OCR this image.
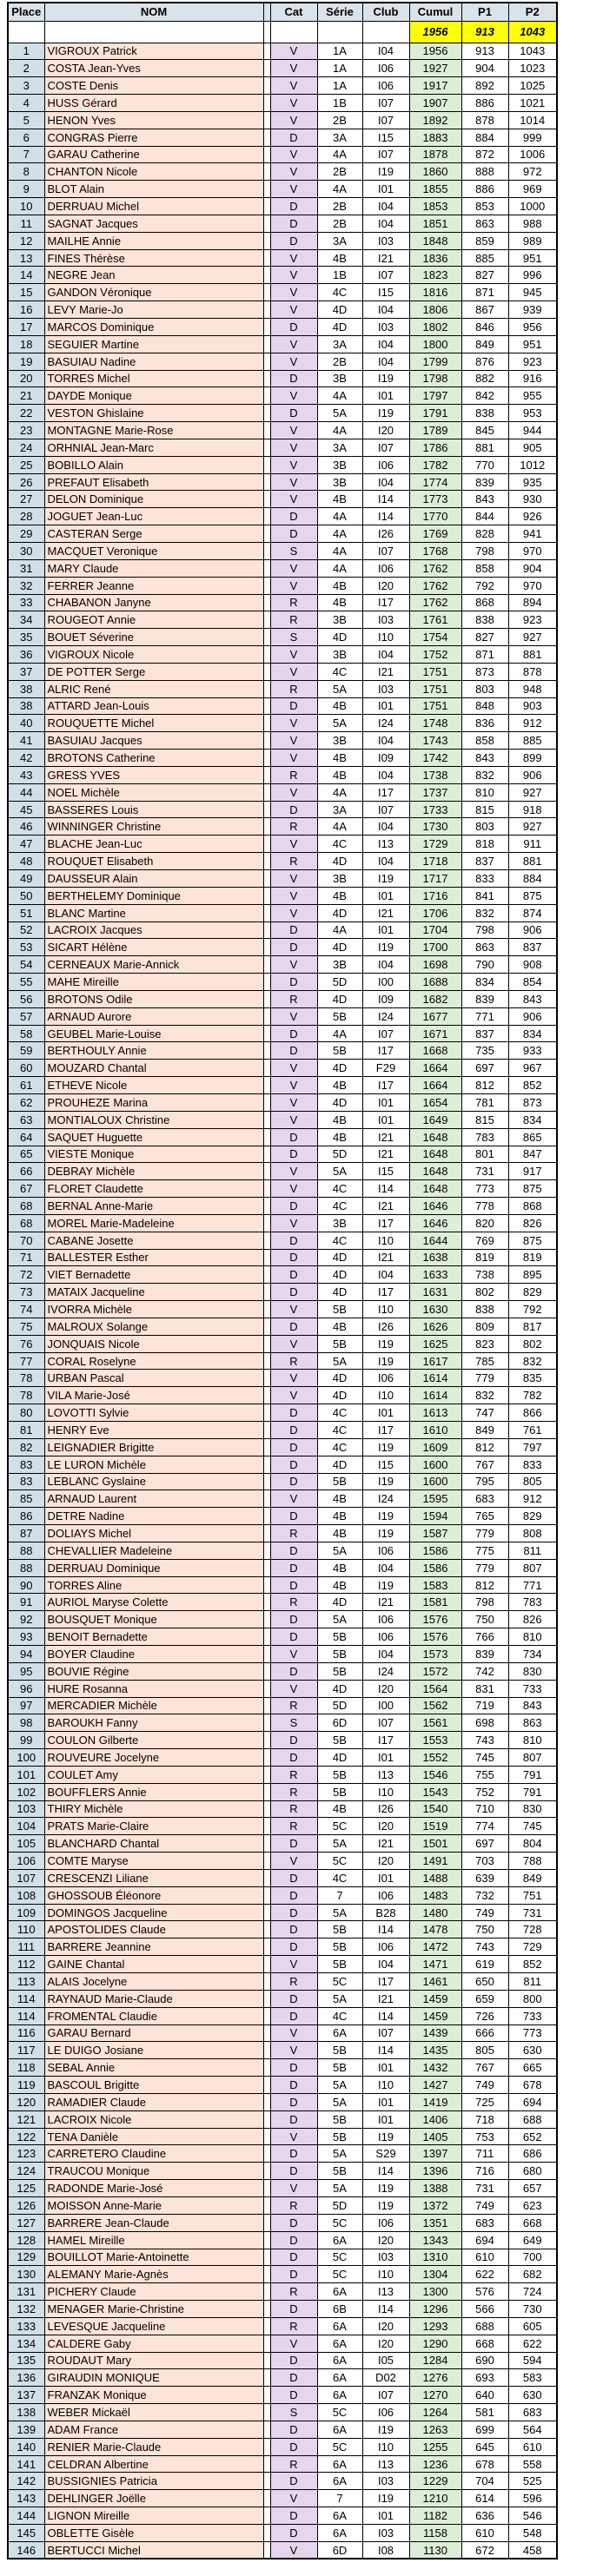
Place	NOM		Cat	Série	Club	Cumul	P1	P2
						1956	913	1043
1	VIGROUX Patrick		V	1A	I04	1956	913	1043
2	COSTA Jean-Yves		V	1A	I06	1927	904	1023
3	COSTE Denis		V	1A	I06	1917	892	1025
4	HUSS Gérard		V	1B	I07	1907	886	1021
5	HENON Yves		V	2B	I07	1892	878	1014
6	CONGRAS Pierre		D	3A	I15	1883	884	999
7	GARAU Catherine		V	4A	I07	1878	872	1006
8	CHANTON Nicole		V	2B	I19	1860	888	972
9	BLOT Alain		V	4A	I01	1855	886	969
10	DERRUAU Michel		D	2B	I04	1853	853	1000
11	SAGNAT Jacques		D	2B	I04	1851	863	988
12	MAILHE Annie		D	3A	I03	1848	859	989
13	FINES Thérèse		V	4B	I21	1836	885	951
14	NEGRE Jean		V	1B	I07	1823	827	996
15	GANDON Véronique		V	4C	I15	1816	871	945
16	LEVY Marie-Jo		V	4D	I04	1806	867	939
17	MARCOS Dominique		D	4D	I03	1802	846	956
18	SEGUIER Martine		V	3A	I04	1800	849	951
19	BASUIAU Nadine		V	2B	I04	1799	876	923
20	TORRES Michel		D	3B	I19	1798	882	916
21	DAYDE Monique		V	4A	I01	1797	842	955
22	VESTON Ghislaine		D	5A	I19	1791	838	953
23	MONTAGNE Marie-Rose		V	4A	I20	1789	845	944
24	ORHNIAL Jean-Marc		V	3A	I07	1786	881	905
25	BOBILLO Alain		V	3B	I06	1782	770	1012
26	PREFAUT Elisabeth		V	3B	I04	1774	839	935
27	DELON Dominique		V	4B	I14	1773	843	930
28	JOGUET Jean-Luc		D	4A	I14	1770	844	926
29	CASTERAN Serge		D	4A	I26	1769	828	941
30	MACQUET Veronique		S	4A	I07	1768	798	970
31	MARY Claude		V	4A	I06	1762	858	904
32	FERRER Jeanne		V	4B	I20	1762	792	970
33	CHABANON Janyne		R	4B	I17	1762	868	894
34	ROUGEOT Annie		R	3B	I03	1761	838	923
35	BOUET Séverine		S	4D	I10	1754	827	927
36	VIGROUX Nicole		V	3B	I04	1752	871	881
37	DE POTTER Serge		V	4C	I21	1751	873	878
38	ALRIC René		R	5A	I03	1751	803	948
38	ATTARD Jean-Louis		D	4B	I01	1751	848	903
40	ROUQUETTE Michel		V	5A	I24	1748	836	912
41	BASUIAU Jacques		V	3B	I04	1743	858	885
42	BROTONS Catherine		V	4B	I09	1742	843	899
43	GRESS YVES		R	4B	I04	1738	832	906
44	NOEL Michèle		V	4A	I17	1737	810	927
45	BASSERES Louis		D	3A	I07	1733	815	918
46	WINNINGER Christine		R	4A	I04	1730	803	927
47	BLACHE Jean-Luc		V	4C	I13	1729	818	911
48	ROUQUET Elisabeth		R	4D	I04	1718	837	881
49	DAUSSEUR Alain		V	3B	I19	1717	833	884
50	BERTHELEMY Dominique		V	4B	I01	1716	841	875
51	BLANC Martine		V	4D	I21	1706	832	874
52	LACROIX Jacques		D	4A	I01	1704	798	906
53	SICART Hélène		D	4D	I19	1700	863	837
54	CERNEAUX Marie-Annick		V	3B	I04	1698	790	908
55	MAHE Mireille		D	5D	I00	1688	834	854
56	BROTONS Odile		R	4D	I09	1682	839	843
57	ARNAUD Aurore		V	5B	I24	1677	771	906
58	GEUBEL Marie-Louise		D	4A	I07	1671	837	834
59	BERTHOULY Annie		D	5B	I17	1668	735	933
60	MOUZARD Chantal		V	4D	F29	1664	697	967
61	ETHEVE Nicole		V	4B	I17	1664	812	852
62	PROUHEZE Marina		V	4D	I01	1654	781	873
63	MONTIALOUX Christine		V	4B	I01	1649	815	834
64	SAQUET Huguette		D	4B	I21	1648	783	865
65	VIESTE Monique		D	5D	I21	1648	801	847
66	DEBRAY Michèle		V	5A	I15	1648	731	917
67	FLORET Claudette		V	4C	I14	1648	773	875
68	BERNAL Anne-Marie		D	4C	I21	1646	778	868
68	MOREL Marie-Madeleine		V	3B	I17	1646	820	826
70	CABANE Josette		D	4C	I10	1644	769	875
71	BALLESTER Esther		D	4D	I21	1638	819	819
72	VIET Bernadette		D	4D	I04	1633	738	895
73	MATAIX Jacqueline		D	4D	I17	1631	802	829
74	IVORRA Michèle		V	5B	I10	1630	838	792
75	MALROUX Solange		D	4B	I26	1626	809	817
76	JONQUAIS Nicole		V	5B	I19	1625	823	802
77	CORAL Roselyne		R	5A	I19	1617	785	832
78	URBAN Pascal		V	4D	I06	1614	779	835
78	VILA Marie-José		V	4D	I10	1614	832	782
80	LOVOTTI Sylvie		D	4C	I01	1613	747	866
81	HENRY Eve		D	4C	I17	1610	849	761
82	LEIGNADIER Brigitte		D	4C	I19	1609	812	797
83	LE LURON Michèle		D	4D	I15	1600	767	833
83	LEBLANC Gyslaine		D	5B	I19	1600	795	805
85	ARNAUD Laurent		V	4B	I24	1595	683	912
86	DETRE Nadine		D	4B	I19	1594	765	829
87	DOLIAYS Michel		R	4B	I19	1587	779	808
88	CHEVALLIER Madeleine		D	5A	I06	1586	775	811
88	DERRUAU Dominique		D	4B	I04	1586	779	807
90	TORRES Aline		D	4B	I19	1583	812	771
91	AURIOL Maryse Colette		R	4D	I21	1581	798	783
92	BOUSQUET Monique		D	5A	I06	1576	750	826
93	BENOIT Bernadette		D	5B	I06	1576	766	810
94	BOYER Claudine		V	5B	I04	1573	839	734
95	BOUVIE Régine		D	5B	I24	1572	742	830
96	HURE Rosanna		V	4D	I20	1564	831	733
97	MERCADIER Michèle		R	5D	I00	1562	719	843
98	BAROUKH Fanny		S	6D	I07	1561	698	863
99	COULON Gilberte		D	5B	I17	1553	743	810
100	ROUVEURE Jocelyne		D	4D	I01	1552	745	807
101	COULET Amy		R	5B	I13	1546	755	791
102	BOUFFLERS Annie		R	5B	I10	1543	752	791
103	THIRY Michèle		R	4B	I26	1540	710	830
104	PRATS Marie-Claire		R	5C	I20	1519	774	745
105	BLANCHARD Chantal		D	5A	I21	1501	697	804
106	COMTE Maryse		V	5C	I20	1491	703	788
107	CRESCENZI Liliane		D	4C	I01	1488	639	849
108	GHOSSOUB Éléonore		D	7	I06	1483	732	751
109	DOMINGOS Jacqueline		D	5A	B28	1480	749	731
110	APOSTOLIDES Claude		D	5B	I14	1478	750	728
111	BARRERE Jeannine		D	5B	I06	1472	743	729
112	GAINE Chantal		V	5B	I04	1471	619	852
113	ALAIS Jocelyne		R	5C	I17	1461	650	811
114	RAYNAUD Marie-Claude		D	5A	I21	1459	659	800
114	FROMENTAL Claudie		D	4C	I14	1459	726	733
116	GARAU Bernard		V	6A	I07	1439	666	773
117	LE DUIGO Josiane		V	5B	I14	1435	805	630
118	SEBAL Annie		D	5B	I01	1432	767	665
119	BASCOUL Brigitte		D	5A	I10	1427	749	678
120	RAMADIER Claude		D	5A	I01	1419	725	694
121	LACROIX Nicole		D	5B	I01	1406	718	688
122	TENA Danièle		V	5B	I19	1405	753	652
123	CARRETERO Claudine		D	5A	S29	1397	711	686
124	TRAUCOU Monique		D	5B	I14	1396	716	680
125	RADONDE Marie-José		V	5A	I19	1388	731	657
126	MOISSON Anne-Marie		R	5D	I19	1372	749	623
127	BARRERE Jean-Claude		D	5C	I06	1351	683	668
128	HAMEL Mireille		D	6A	I20	1343	694	649
129	BOUILLOT Marie-Antoinette		D	5C	I03	1310	610	700
130	ALEMANY Marie-Agnès		D	5C	I10	1304	622	682
131	PICHERY Claude		R	6A	I13	1300	576	724
132	MENAGER Marie-Christine		D	6B	I14	1296	566	730
133	LEVESQUE Jacqueline		R	6A	I20	1293	688	605
134	CALDERE Gaby		V	6A	I20	1290	668	622
135	ROUDAUT Mary		D	6A	I05	1284	690	594
136	GIRAUDIN MONIQUE		D	6A	D02	1276	693	583
137	FRANZAK Monique		D	6A	I07	1270	640	630
138	WEBER Mickaël		S	5C	I06	1264	581	683
139	ADAM France		D	6A	I19	1263	699	564
140	RENIER Marie-Claude		D	5C	I10	1255	645	610
141	CELDRAN Albertine		R	6A	I13	1236	678	558
142	BUSSIGNIES Patricia		D	6A	I03	1229	704	525
143	DEHLINGER Joëlle		V	7	I19	1210	614	596
144	LIGNON Mireille		D	6A	I01	1182	636	546
145	OBLETTE Gisèle		D	6A	I03	1158	610	548
146	BERTUCCI Michel		V	6D	I08	1130	672	458
